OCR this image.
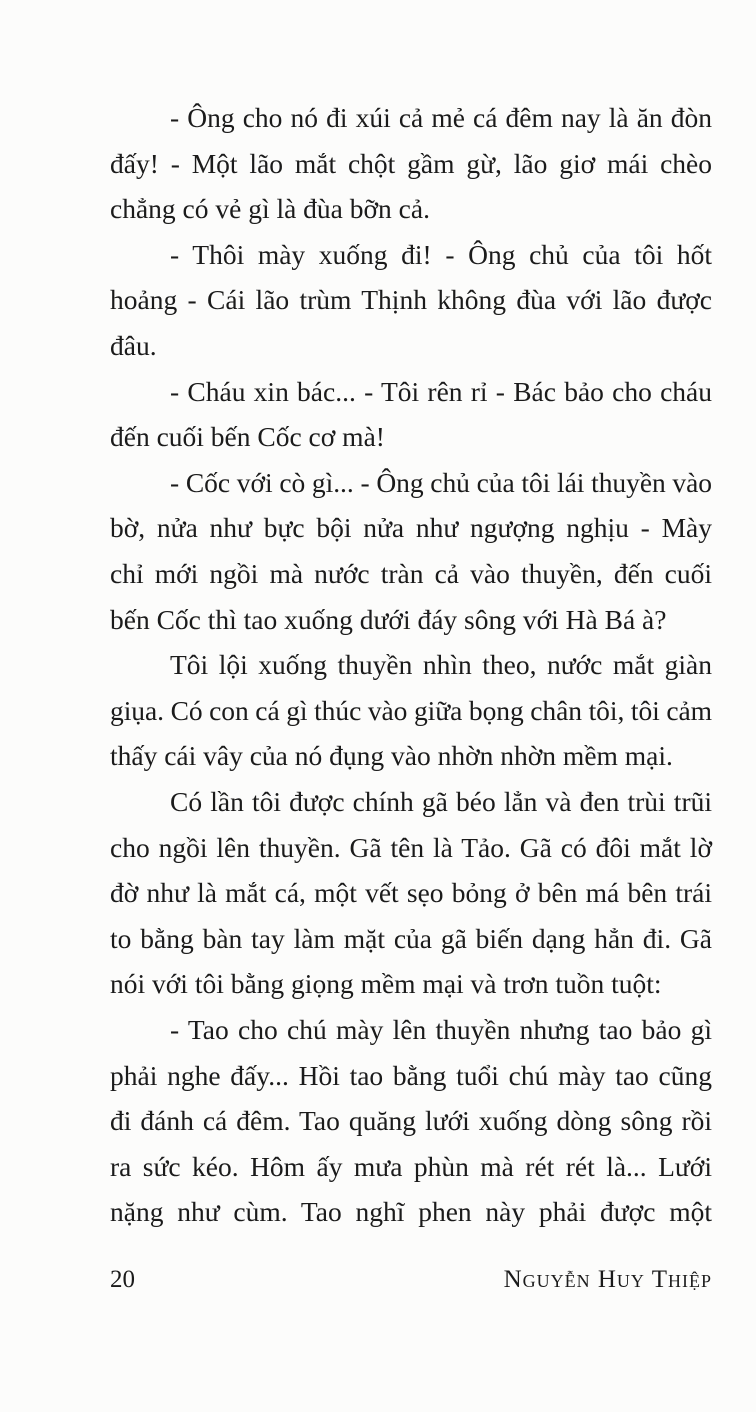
- Ông cho nó đi xúi cả mẻ cá đêm nay là ăn đòn
đấy! - Một lão mắt chột gầm gừ, lão giơ mái chèo
chẳng có vẻ gì là đùa bỡn cả.
- Thôi mày xuống đi! - Ông chủ của tôi hốt
hoảng - Cái lão trùm Thịnh không đùa với lão được
đâu.
- Cháu xin bác... - Tôi rên rỉ - Bác bảo cho cháu
đến cuối bến Cốc cơ mà!
- Cốc với cò gì... - Ông chủ của tôi lái thuyền vào
bờ, nửa như bực bội nửa như ngượng nghịu - Mày
chỉ mới ngồi mà nước tràn cả vào thuyền, đến cuối
bến Cốc thì tao xuống dưới đáy sông với Hà Bá à?
Tôi lội xuống thuyền nhìn theo, nước mắt giàn
giụa. Có con cá gì thúc vào giữa bọng chân tôi, tôi cảm
thấy cái vây của nó đụng vào nhờn nhờn mềm mại.
Có lần tôi được chính gã béo lẳn và đen trùi trũi
cho ngồi lên thuyền. Gã tên là Tảo. Gã có đôi mắt lờ
đờ như là mắt cá, một vết sẹo bỏng ở bên má bên trái
to bằng bàn tay làm mặt của gã biến dạng hẳn đi. Gã
nói với tôi bằng giọng mềm mại và trơn tuồn tuột:
- Tao cho chú mày lên thuyền nhưng tao bảo gì
phải nghe đấy... Hồi tao bằng tuổi chú mày tao cũng
đi đánh cá đêm. Tao quăng lưới xuống dòng sông rồi
ra sức kéo. Hôm ấy mưa phùn mà rét rét là... Lưới
nặng như cùm. Tao nghĩ phen này phải được một
20	Nguyễn Huy Thiệp
